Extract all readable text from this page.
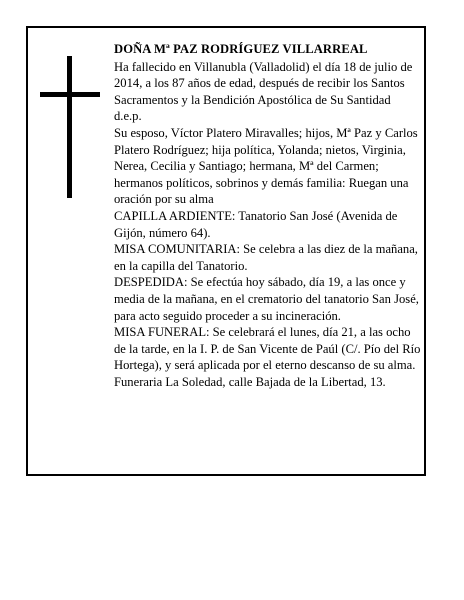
DOÑA Mª PAZ RODRÍGUEZ VILLARREAL

Ha fallecido en Villanubla (Valladolid) el día 18 de julio de 2014, a los 87 años de edad, después de recibir los Santos Sacramentos y la Bendición Apostólica de Su Santidad

d.e.p.

Su esposo, Víctor Platero Miravalles; hijos, Mª Paz y Carlos Platero Rodríguez; hija política, Yolanda; nietos, Virginia, Nerea, Cecilia y Santiago; hermana, Mª del Carmen; hermanos políticos, sobrinos y demás familia: Ruegan una oración por su alma

CAPILLA ARDIENTE: Tanatorio San José (Avenida de Gijón, número 64).

MISA COMUNITARIA: Se celebra a las diez de la mañana, en la capilla del Tanatorio.

DESPEDIDA: Se efectúa hoy sábado, día 19, a las once y media de la mañana, en el crematorio del tanatorio San José, para acto seguido proceder a su incineración.

MISA FUNERAL: Se celebrará el lunes, día 21, a las ocho de la tarde, en la I. P. de San Vicente de Paúl (C/. Pío del Río Hortega), y será aplicada por el eterno descanso de su alma.

Funeraria La Soledad, calle Bajada de la Libertad, 13.
